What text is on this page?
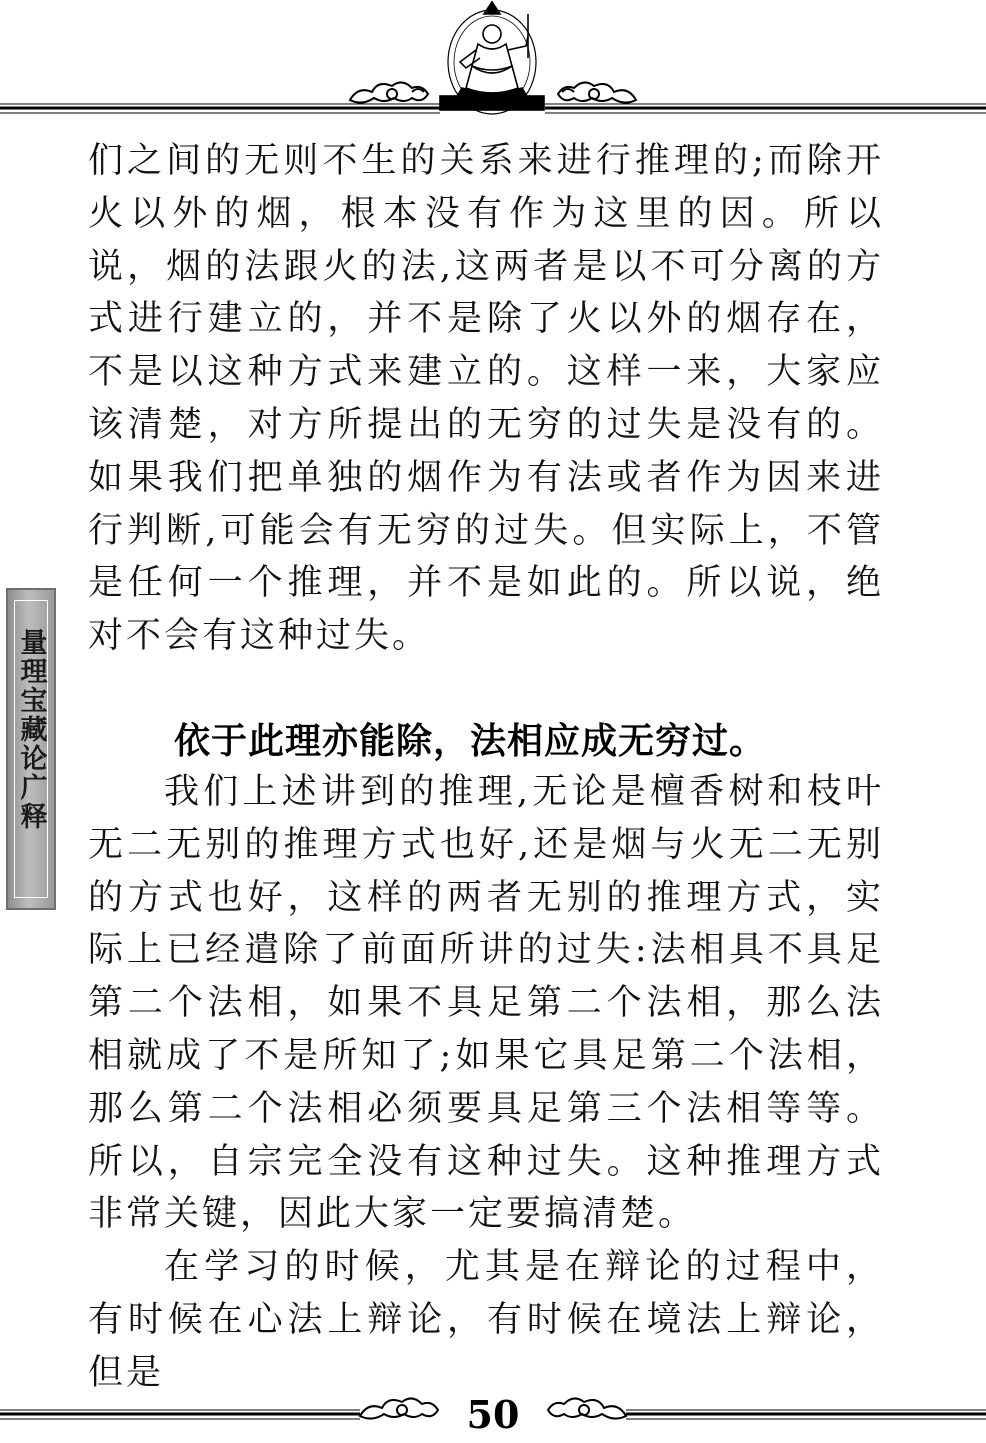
量理宝藏论广释

们之间的无则不生的关系来进行推理的;而除开火以外的烟，根本没有作为这里的因。所以说，烟的法跟火的法,这两者是以不可分离的方式进行建立的，并不是除了火以外的烟存在，不是以这种方式来建立的。这样一来，大家应该清楚，对方所提出的无穷的过失是没有的。如果我们把单独的烟作为有法或者作为因来进行判断,可能会有无穷的过失。但实际上，不管是任何一个推理，并不是如此的。所以说，绝对不会有这种过失。

依于此理亦能除，法相应成无穷过。

我们上述讲到的推理,无论是檀香树和枝叶无二无别的推理方式也好,还是烟与火无二无别的方式也好，这样的两者无别的推理方式，实际上已经遣除了前面所讲的过失:法相具不具足第二个法相，如果不具足第二个法相，那么法相就成了不是所知了;如果它具足第二个法相，那么第二个法相必须要具足第三个法相等等。所以，自宗完全没有这种过失。这种推理方式非常关键，因此大家一定要搞清楚。

在学习的时候，尤其是在辩论的过程中，有时候在心法上辩论，有时候在境法上辩论，但是

50
